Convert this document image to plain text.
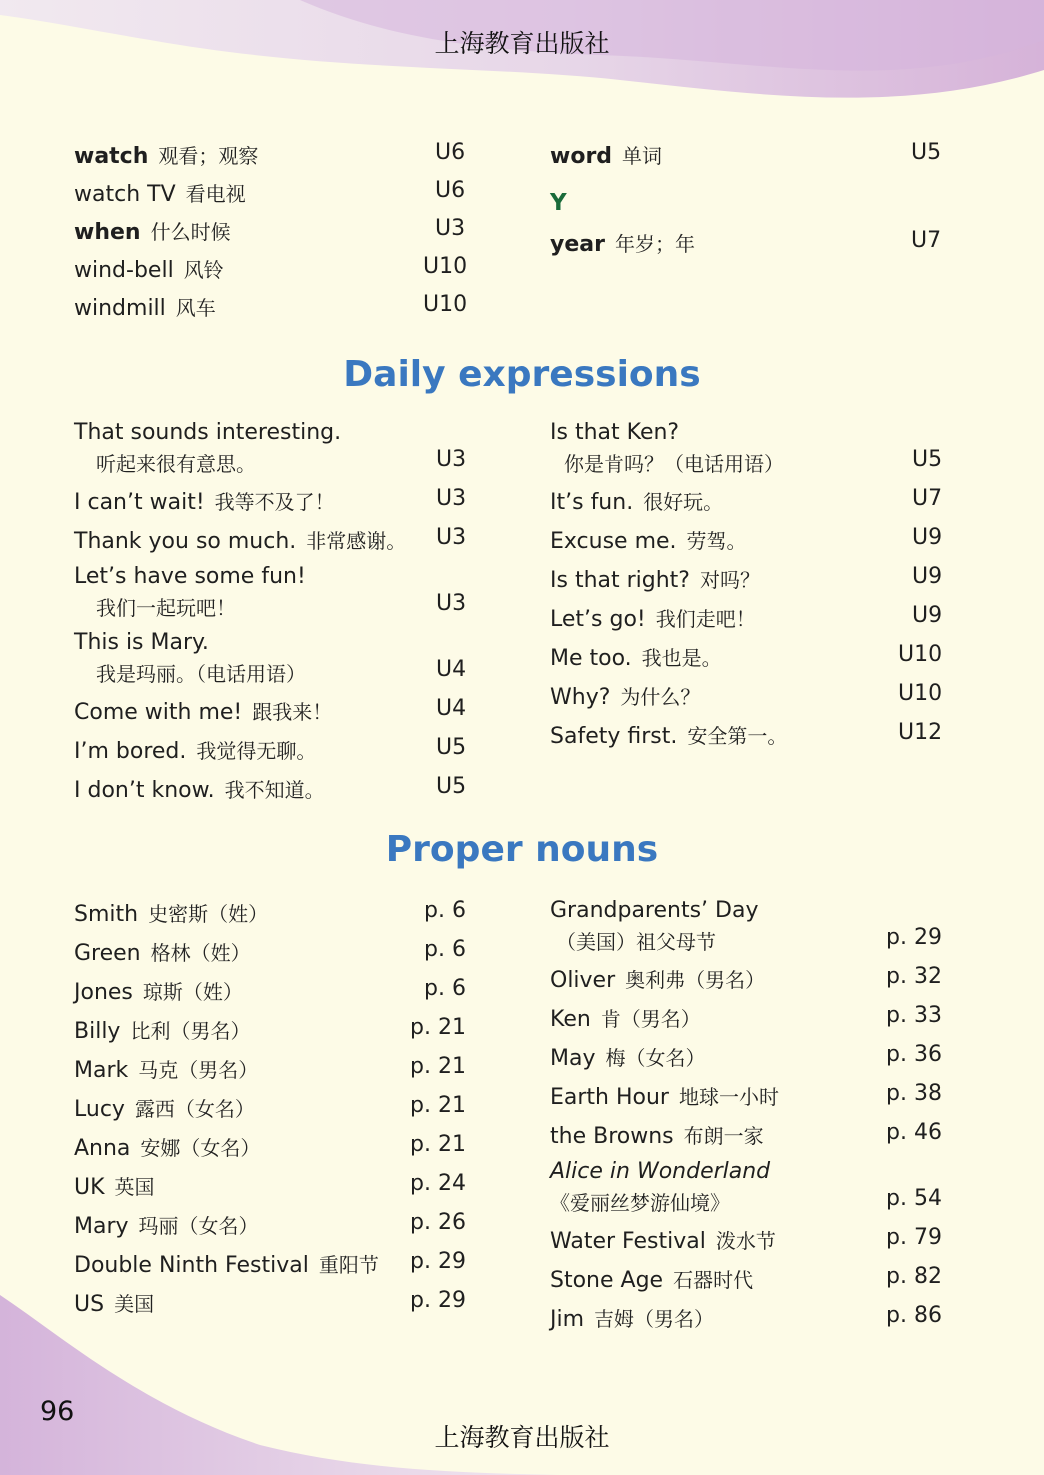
上海教育出版社
watch 观看；观察	U6
watch TV 看电视	U6
when 什么时候	U3
wind-bell 风铃	U10
windmill 风车	U10
word 单词	U5
Y
year 年岁；年	U7
Daily expressions
That sounds interesting.
听起来很有意思。	U3
I can’t wait! 我等不及了！	U3
Thank you so much. 非常感谢。 U3
Let’s have some fun!
我们一起玩吧！	U3
This is Mary.
我是玛丽。（电话用语）	U4
Come with me! 跟我来！	U4
I’m bored. 我觉得无聊。	U5
I don’t know. 我不知道。	U5
Is that Ken?
你是肯吗？（电话用语）	U5
It’s fun. 很好玩。	U7
Excuse me. 劳驾。	U9
Is that right? 对吗？	U9
Let’s go! 我们走吧！	U9
Me too. 我也是。	U10
Why? 为什么？	U10
Safety first. 安全第一。	U12
Proper nouns
Smith 史密斯（姓）	p. 6
Green 格林（姓）	p. 6
Jones 琼斯（姓）	p. 6
Billy 比利（男名）	p. 21
Mark 马克（男名）	p. 21
Lucy 露西（女名）	p. 21
Anna 安娜（女名）	p. 21
UK 英国	p. 24
Mary 玛丽（女名）	p. 26
Double Ninth Festival 重阳节 p. 29
US 美国	p. 29
Grandparents’ Day
（美国）祖父母节	p. 29
Oliver 奥利弗（男名）	p. 32
Ken 肯（男名）	p. 33
May 梅（女名）	p. 36
Earth Hour 地球一小时	p. 38
the Browns 布朗一家	p. 46
Alice in Wonderland
《爱丽丝梦游仙境》	p. 54
Water Festival 泼水节	p. 79
Stone Age 石器时代	p. 82
Jim 吉姆（男名）	p. 86
96
上海教育出版社
